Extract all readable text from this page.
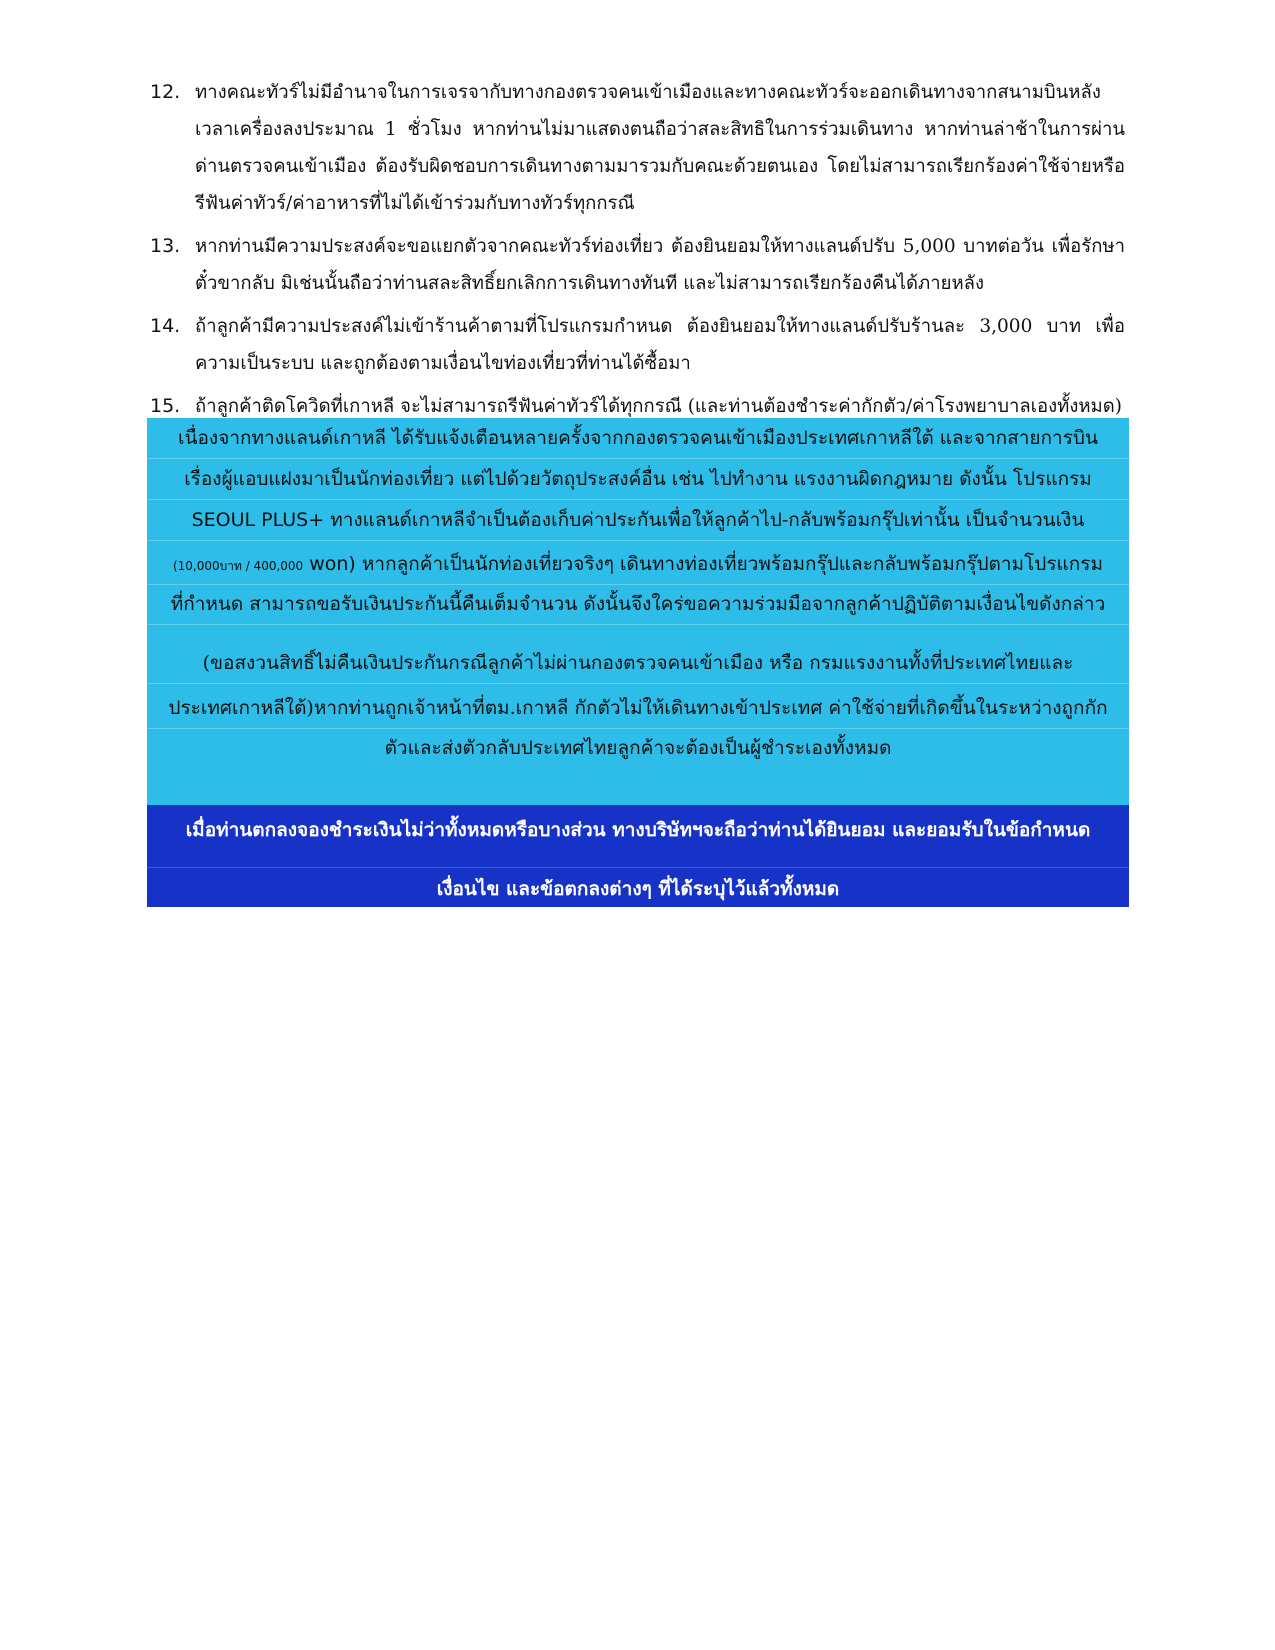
12. ทางคณะทัวร์ไม่มีอำนาจในการเจรจากับทางกองตรวจคนเข้าเมืองและทางคณะทัวร์จะออกเดินทางจากสนามบินหลังเวลาเครื่องลงประมาณ 1 ชั่วโมง หากท่านไม่มาแสดงตนถือว่าสละสิทธิในการร่วมเดินทาง หากท่านล่าช้าในการผ่านด่านตรวจคนเข้าเมือง ต้องรับผิดชอบการเดินทางตามมารวมกับคณะด้วยตนเอง โดยไม่สามารถเรียกร้องค่าใช้จ่ายหรือรีฟันค่าทัวร์/ค่าอาหารที่ไม่ได้เข้าร่วมกับทางทัวร์ทุกกรณี
13. หากท่านมีความประสงค์จะขอแยกตัวจากคณะทัวร์ท่องเที่ยว ต้องยินยอมให้ทางแลนด์ปรับ 5,000 บาทต่อวัน เพื่อรักษาตั๋วขากลับ มิเช่นนั้นถือว่าท่านสละสิทธิ์ยกเลิกการเดินทางทันที และไม่สามารถเรียกร้องคืนได้ภายหลัง
14. ถ้าลูกค้ามีความประสงค์ไม่เข้าร้านค้าตามที่โปรแกรมกำหนด ต้องยินยอมให้ทางแลนด์ปรับร้านละ 3,000 บาท เพื่อความเป็นระบบ และถูกต้องตามเงื่อนไขท่องเที่ยวที่ท่านได้ซื้อมา
15. ถ้าลูกค้าติดโควิดที่เกาหลี จะไม่สามารถรีฟันค่าทัวร์ได้ทุกกรณี (และท่านต้องชำระค่ากักตัว/ค่าโรงพยาบาลเองทั้งหมด)
เนื่องจากทางแลนด์เกาหลี ได้รับแจ้งเตือนหลายครั้งจากกองตรวจคนเข้าเมืองประเทศเกาหลีใต้ และจากสายการบิน
เรื่องผู้แอบแฝงมาเป็นนักท่องเที่ยว แต่ไปด้วยวัตถุประสงค์อื่น เช่น ไปทำงาน แรงงานผิดกฎหมาย ดังนั้น โปรแกรม
SEOUL PLUS+ ทางแลนด์เกาหลีจำเป็นต้องเก็บค่าประกันเพื่อให้ลูกค้าไป-กลับพร้อมกรุ๊ปเท่านั้น เป็นจำนวนเงิน
(10,000บาท / 400,000 won) หากลูกค้าเป็นนักท่องเที่ยวจริงๆ เดินทางท่องเที่ยวพร้อมกรุ๊ปและกลับพร้อมกรุ๊ปตามโปรแกรม
ที่กำหนด สามารถขอรับเงินประกันนี้คืนเต็มจำนวน ดังนั้นจึงใคร่ขอความร่วมมือจากลูกค้าปฏิบัติตามเงื่อนไขดังกล่าว
(ขอสงวนสิทธิ์ไม่คืนเงินประกันกรณีลูกค้าไม่ผ่านกองตรวจคนเข้าเมือง หรือ กรมแรงงานทั้งที่ประเทศไทยและ
ประเทศเกาหลีใต้)หากท่านถูกเจ้าหน้าที่ตม.เกาหลี กักตัวไม่ให้เดินทางเข้าประเทศ ค่าใช้จ่ายที่เกิดขึ้นในระหว่างถูกกัก
ตัวและส่งตัวกลับประเทศไทยลูกค้าจะต้องเป็นผู้ชำระเองทั้งหมด
เมื่อท่านตกลงจองชำระเงินไม่ว่าทั้งหมดหรือบางส่วน ทางบริษัทฯจะถือว่าท่านได้ยินยอม และยอมรับในข้อกำหนด
เงื่อนไข และข้อตกลงต่างๆ ที่ได้ระบุไว้แล้วทั้งหมด
